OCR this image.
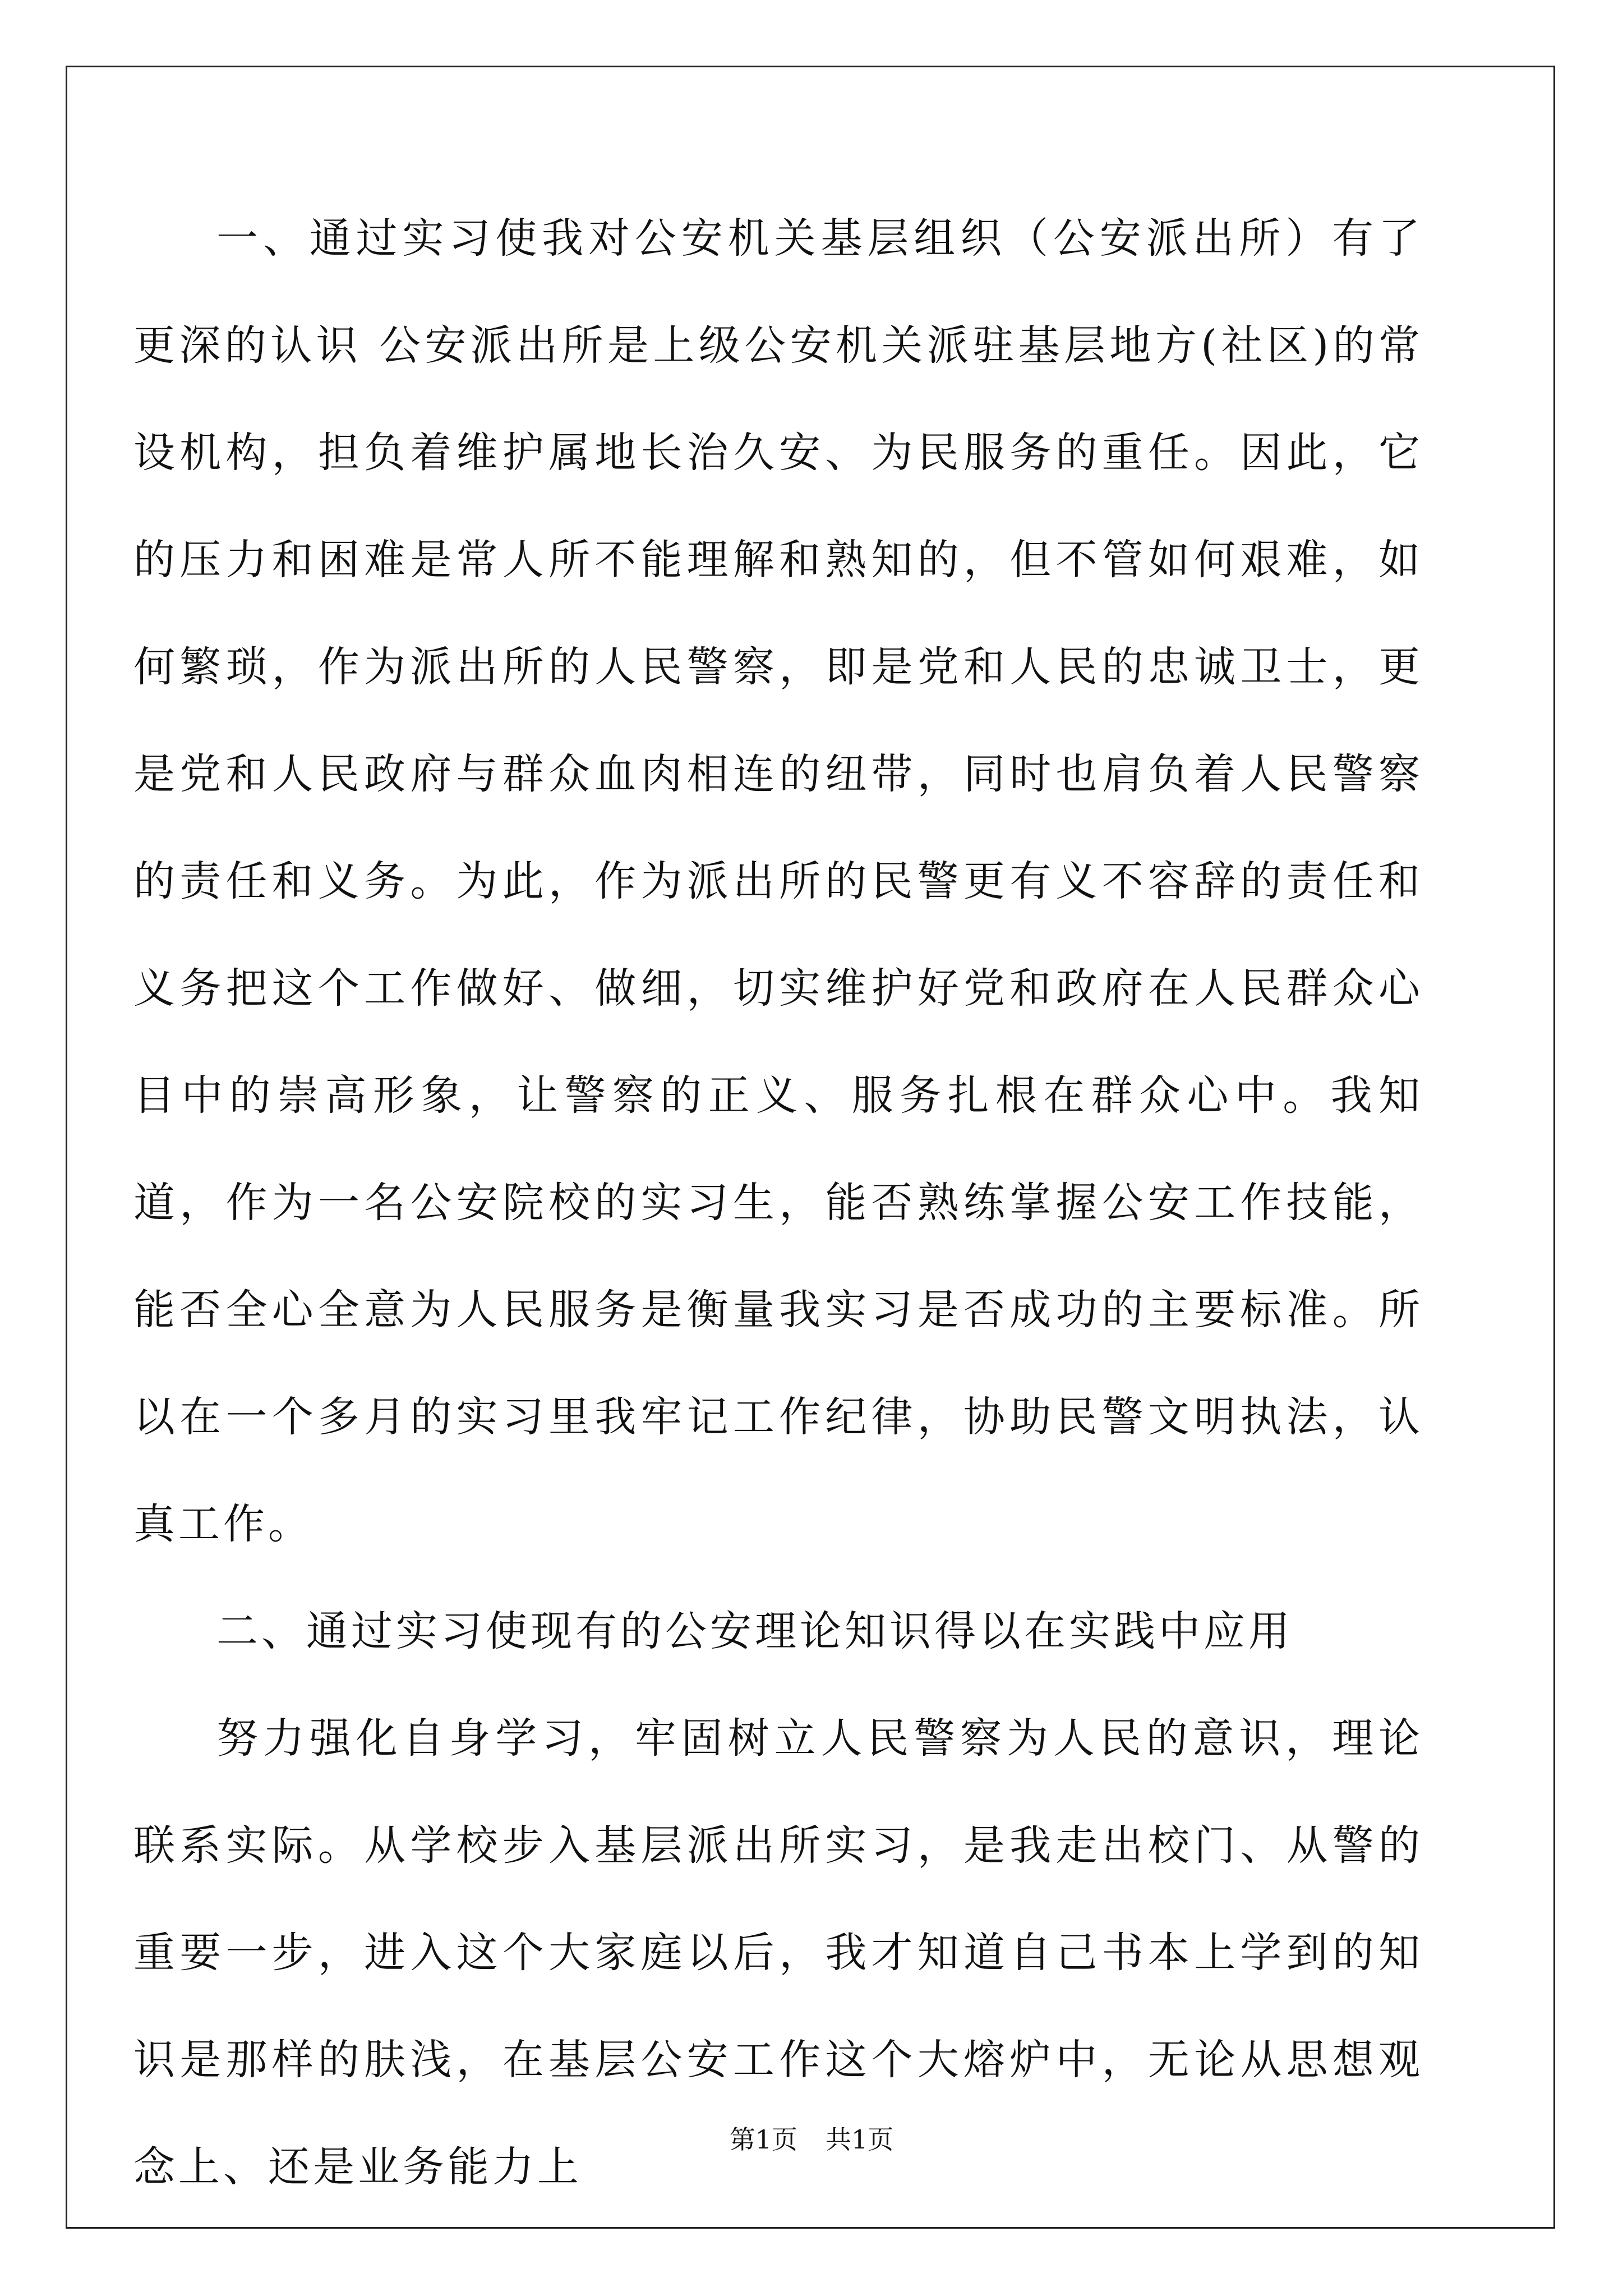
一、通过实习使我对公安机关基层组织（公安派出所）有了更深的认识 公安派出所是上级公安机关派驻基层地方(社区)的常设机构，担负着维护属地长治久安、为民服务的重任。因此，它的压力和困难是常人所不能理解和熟知的，但不管如何艰难，如何繁琐，作为派出所的人民警察，即是党和人民的忠诚卫士，更是党和人民政府与群众血肉相连的纽带，同时也肩负着人民警察的责任和义务。为此，作为派出所的民警更有义不容辞的责任和义务把这个工作做好、做细，切实维护好党和政府在人民群众心目中的崇高形象，让警察的正义、服务扎根在群众心中。我知道，作为一名公安院校的实习生，能否熟练掌握公安工作技能，能否全心全意为人民服务是衡量我实习是否成功的主要标准。所以在一个多月的实习里我牢记工作纪律，协助民警文明执法，认真工作。

二、通过实习使现有的公安理论知识得以在实践中应用

努力强化自身学习，牢固树立人民警察为人民的意识，理论联系实际。从学校步入基层派出所实习，是我走出校门、从警的重要一步，进入这个大家庭以后，我才知道自己书本上学到的知识是那样的肤浅，在基层公安工作这个大熔炉中，无论从思想观念上、还是业务能力上

第1页 共1页
